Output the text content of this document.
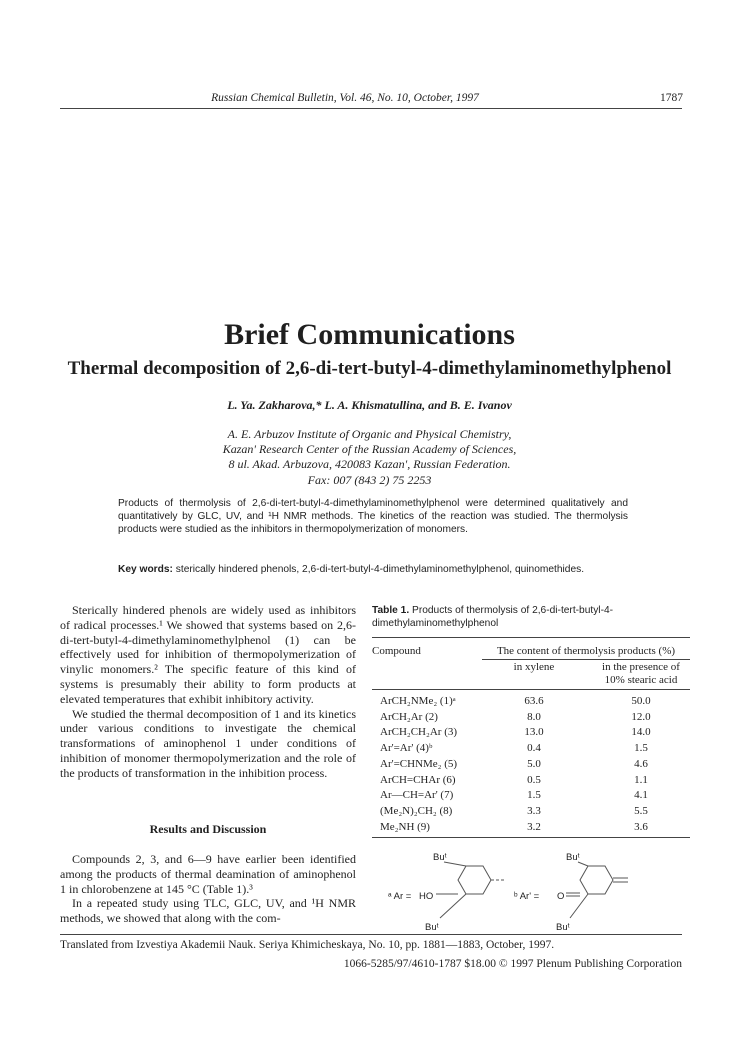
Russian Chemical Bulletin, Vol. 46, No. 10, October, 1997	1787
Brief Communications
Thermal decomposition of 2,6-di-tert-butyl-4-dimethylaminomethylphenol
L. Ya. Zakharova,* L. A. Khismatullina, and B. E. Ivanov
A. E. Arbuzov Institute of Organic and Physical Chemistry,
Kazan' Research Center of the Russian Academy of Sciences,
8 ul. Akad. Arbuzova, 420083 Kazan', Russian Federation.
Fax: 007 (843 2) 75 2253
Products of thermolysis of 2,6-di-tert-butyl-4-dimethylaminomethylphenol were determined qualitatively and quantitatively by GLC, UV, and ¹H NMR methods. The kinetics of the reaction was studied. The thermolysis products were studied as the inhibitors in thermopolymerization of monomers.
Key words: sterically hindered phenols, 2,6-di-tert-butyl-4-dimethylaminomethylphenol, quinomethides.

Sterically hindered phenols are widely used as inhibitors of radical processes.¹ We showed that systems based on 2,6-di-tert-butyl-4-dimethylaminomethylphenol (1) can be effectively used for inhibition of thermopolymerization of vinylic monomers.² The specific feature of this kind of systems is presumably their ability to form products at elevated temperatures that exhibit inhibitory activity.

We studied the thermal decomposition of 1 and its kinetics under various conditions to investigate the chemical transformations of aminophenol 1 under conditions of inhibition of monomer thermopolymerization and the role of the products of transformation in the inhibition process.

Results and Discussion

Compounds 2, 3, and 6—9 have earlier been identified among the products of thermal deamination of aminophenol 1 in chlorobenzene at 145 °C (Table 1).³

In a repeated study using TLC, GLC, UV, and ¹H NMR methods, we showed that along with the com-

Table 1. Products of thermolysis of 2,6-di-tert-butyl-4-dimethylaminomethylphenol
Compound	The content of thermolysis products (%)
in xylene	in the presence of 10% stearic acid
ArCH₂NMe₂ (1)ᵃ	63.6	50.0
ArCH₂Ar (2)	8.0	12.0
ArCH₂CH₂Ar (3)	13.0	14.0
Ar'=Ar' (4)ᵇ	0.4	1.5
Ar'=CHNMe₂ (5)	5.0	4.6
ArCH=CHAr (6)	0.5	1.1
Ar—CH=Ar' (7)	1.5	4.1
(Me₂N)₂CH₂ (8)	3.3	5.5
Me₂NH (9)	3.2	3.6
ᵃ Ar = HO
Buᵗ
Buᵗ
ᵇ Ar' = O
Buᵗ
Buᵗ
Translated from Izvestiya Akademii Nauk. Seriya Khimicheskaya, No. 10, pp. 1881—1883, October, 1997.
1066-5285/97/4610-1787 $18.00 © 1997 Plenum Publishing Corporation
